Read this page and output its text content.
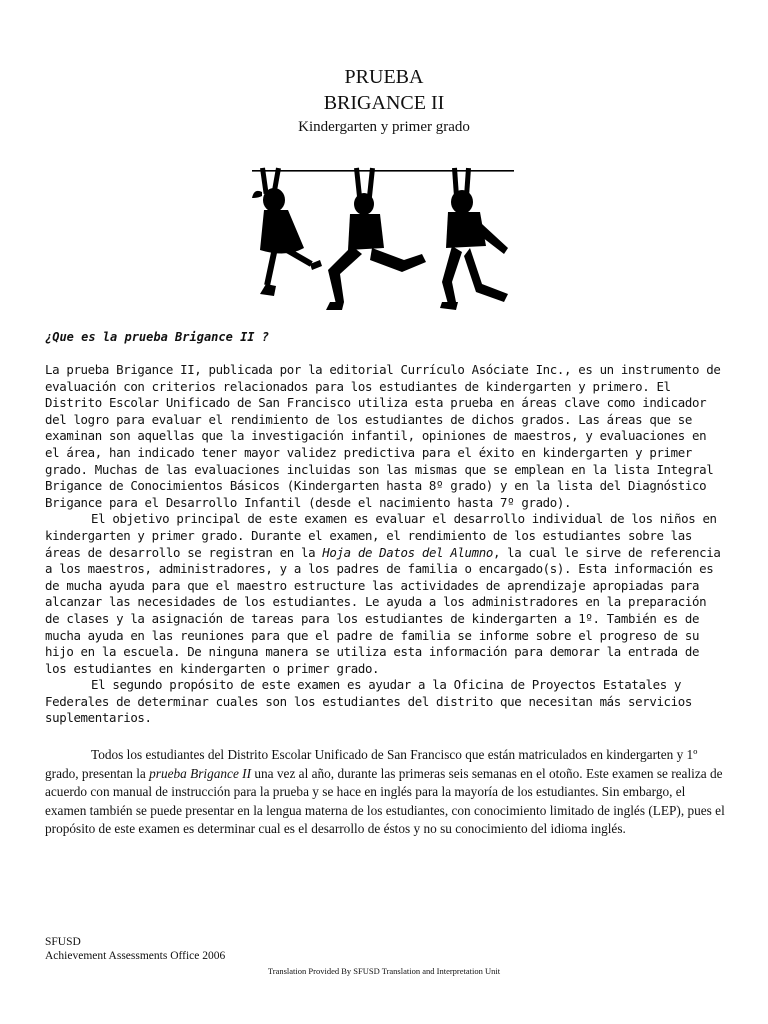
PRUEBA
BRIGANCE II
Kindergarten y primer grado
¿Que es la prueba Brigance II ?

La prueba Brigance II, publicada por la editorial Currículo Asóciate Inc., es un instrumento de evaluación con criterios relacionados para los estudiantes de kindergarten y primero. El Distrito Escolar Unificado de San Francisco utiliza esta prueba en áreas clave como indicador del logro para evaluar el rendimiento de los estudiantes de dichos grados. Las áreas que se examinan son aquellas que la investigación infantil, opiniones de maestros, y evaluaciones en el área, han indicado tener mayor validez predictiva para el éxito en kindergarten y primer grado. Muchas de las evaluaciones incluidas son las mismas que se emplean en la lista Integral Brigance de Conocimientos Básicos (Kindergarten hasta 8º grado) y en la lista del Diagnóstico Brigance para el Desarrollo Infantil (desde el nacimiento hasta 7º grado).

El objetivo principal de este examen es evaluar el desarrollo individual de los niños en kindergarten y primer grado. Durante el examen, el rendimiento de los estudiantes sobre las áreas de desarrollo se registran en la Hoja de Datos del Alumno, la cual le sirve de referencia a los maestros, administradores, y a los padres de familia o encargado(s). Esta información es de mucha ayuda para que el maestro estructure las actividades de aprendizaje apropiadas para alcanzar las necesidades de los estudiantes. Le ayuda a los administradores en la preparación de clases y la asignación de tareas para los estudiantes de kindergarten a 1º. También es de mucha ayuda en las reuniones para que el padre de familia se informe sobre el progreso de su hijo en la escuela. De ninguna manera se utiliza esta información para demorar la entrada de los estudiantes en kindergarten o primer grado.

El segundo propósito de este examen es ayudar a la Oficina de Proyectos Estatales y Federales de determinar cuales son los estudiantes del distrito que necesitan más servicios suplementarios.

Todos los estudiantes del Distrito Escolar Unificado de San Francisco que están matriculados en kindergarten y 1º grado, presentan la prueba Brigance II una vez al año, durante las primeras seis semanas en el otoño. Este examen se realiza de acuerdo con manual de instrucción para la prueba y se hace en inglés para la mayoría de los estudiantes. Sin embargo, el examen también se puede presentar en la lengua materna de los estudiantes, con conocimiento limitado de inglés (LEP), pues el propósito de este examen es determinar cual es el desarrollo de éstos y no su conocimiento del idioma inglés.

SFUSD
Achievement Assessments Office 2006
Translation Provided By SFUSD Translation and Interpretation Unit
